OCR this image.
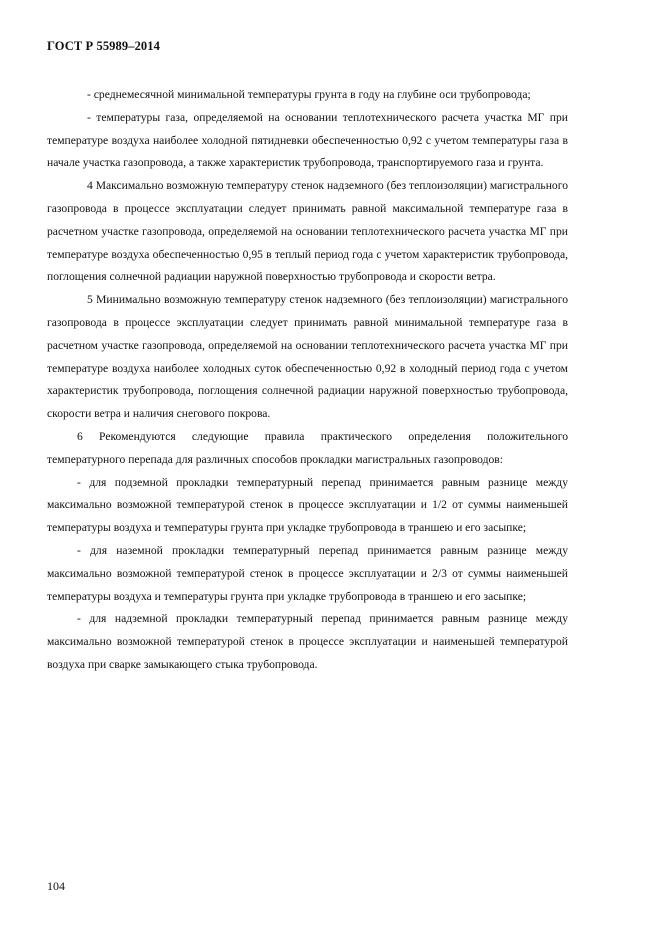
ГОСТ Р 55989–2014

- среднемесячной минимальной температуры грунта в году на глубине оси трубопровода;

- температуры газа, определяемой на основании теплотехнического расчета участка МГ при температуре воздуха наиболее холодной пятидневки обеспеченностью 0,92 с учетом температуры газа в начале участка газопровода, а также характеристик трубопровода, транспортируемого газа и грунта.

4 Максимально возможную температуру стенок надземного (без теплоизоляции) магистрального газопровода в процессе эксплуатации следует принимать равной максимальной температуре газа в расчетном участке газопровода, определяемой на основании теплотехнического расчета участка МГ при температуре воздуха обеспеченностью 0,95 в теплый период года с учетом характеристик трубопровода, поглощения солнечной радиации наружной поверхностью трубопровода и скорости ветра.

5 Минимально возможную температуру стенок надземного (без теплоизоляции) магистрального газопровода в процессе эксплуатации следует принимать равной минимальной температуре газа в расчетном участке газопровода, определяемой на основании теплотехнического расчета участка МГ при температуре воздуха наиболее холодных суток обеспеченностью 0,92 в холодный период года с учетом характеристик трубопровода, поглощения солнечной радиации наружной поверхностью трубопровода, скорости ветра и наличия снегового покрова.

6 Рекомендуются следующие правила практического определения положительного температурного перепада для различных способов прокладки магистральных газопроводов:

- для подземной прокладки температурный перепад принимается равным разнице между максимально возможной температурой стенок в процессе эксплуатации и 1/2 от суммы наименьшей температуры воздуха и температуры грунта при укладке трубопровода в траншею и его засыпке;

- для наземной прокладки температурный перепад принимается равным разнице между максимально возможной температурой стенок в процессе эксплуатации и 2/3 от суммы наименьшей температуры воздуха и температуры грунта при укладке трубопровода в траншею и его засыпке;

- для надземной прокладки температурный перепад принимается равным разнице между максимально возможной температурой стенок в процессе эксплуатации и наименьшей температурой воздуха при сварке замыкающего стыка трубопровода.

104
